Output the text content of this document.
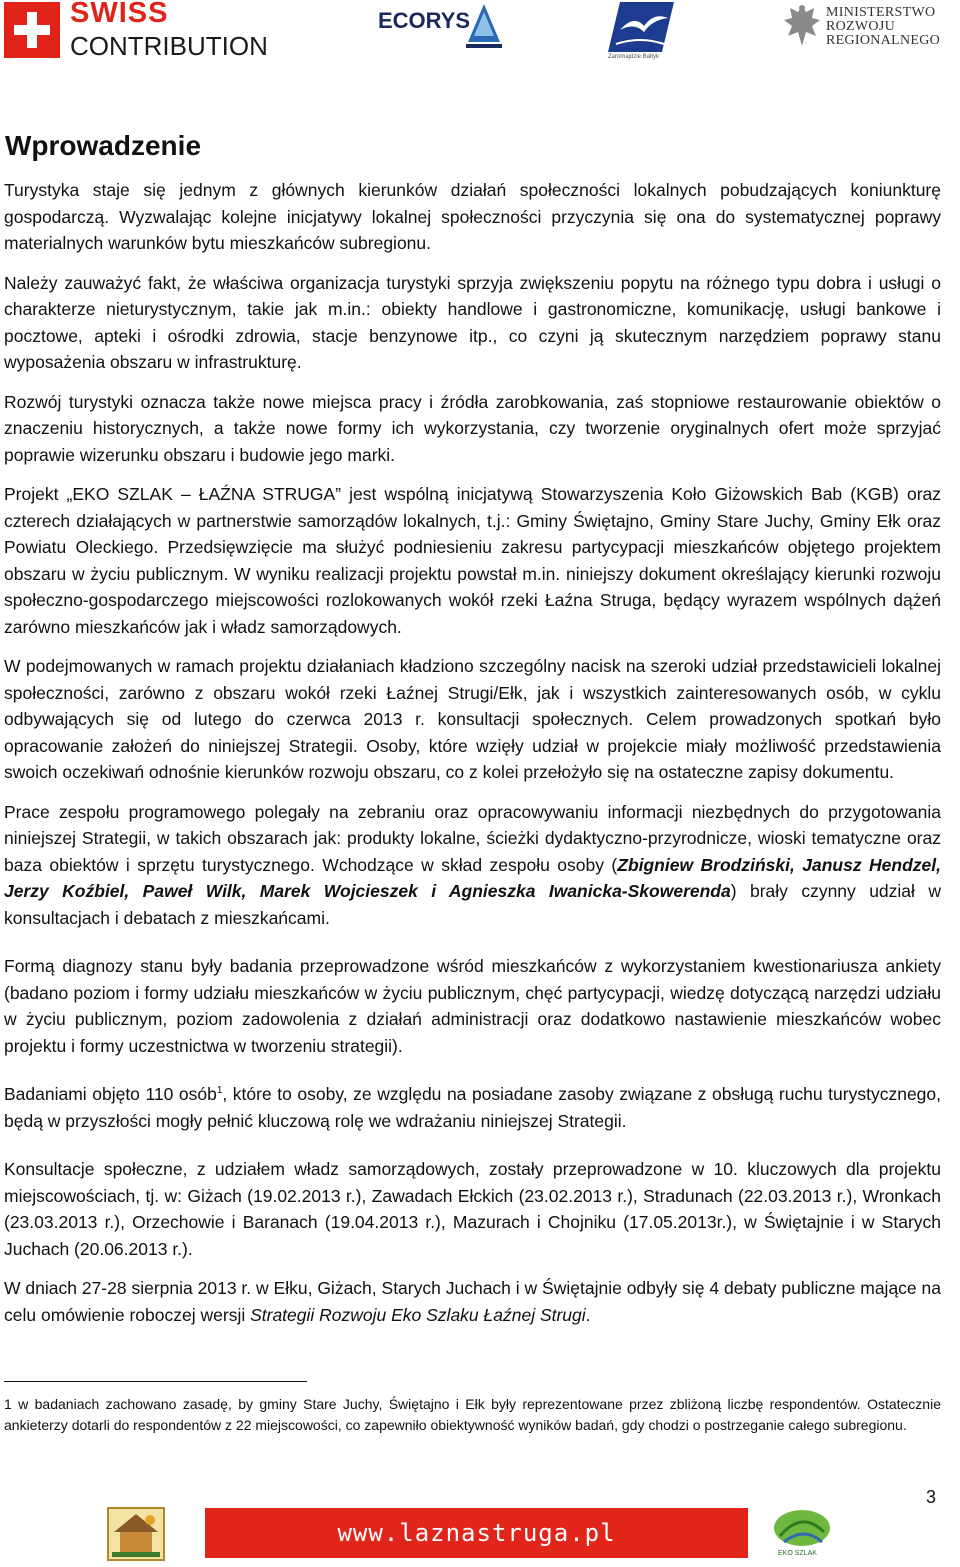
SWISS
CONTRIBUTION
ECORYS
Zaromajdzie Bałtyk
MINISTERSTWO
ROZWOJU
REGIONALNEGO
Wprowadzenie

Turystyka staje się jednym z głównych kierunków działań społeczności lokalnych pobudzających koniunkturę gospodarczą. Wyzwalając kolejne inicjatywy lokalnej społeczności przyczynia się ona do systematycznej poprawy materialnych warunków bytu mieszkańców subregionu.

Należy zauważyć fakt, że właściwa organizacja turystyki sprzyja zwiększeniu popytu na różnego typu dobra i usługi o charakterze nieturystycznym, takie jak m.in.: obiekty handlowe i gastronomiczne, komunikację, usługi bankowe i pocztowe, apteki i ośrodki zdrowia, stacje benzynowe itp., co czyni ją skutecznym narzędziem poprawy stanu wyposażenia obszaru w infrastrukturę.

Rozwój turystyki oznacza także nowe miejsca pracy i źródła zarobkowania, zaś stopniowe restaurowanie obiektów o znaczeniu historycznych, a także nowe formy ich wykorzystania, czy tworzenie oryginalnych ofert może sprzyjać poprawie wizerunku obszaru i budowie jego marki.

Projekt „EKO SZLAK – ŁAŹNA STRUGA” jest wspólną inicjatywą Stowarzyszenia Koło Giżowskich Bab (KGB) oraz czterech działających w partnerstwie samorządów lokalnych, t.j.: Gminy Świętajno, Gminy Stare Juchy, Gminy Ełk oraz Powiatu Oleckiego. Przedsięwzięcie ma służyć podniesieniu zakresu partycypacji mieszkańców objętego projektem obszaru w życiu publicznym. W wyniku realizacji projektu powstał m.in. niniejszy dokument określający kierunki rozwoju społeczno-gospodarczego miejscowości rozlokowanych wokół rzeki Łaźna Struga, będący wyrazem wspólnych dążeń zarówno mieszkańców jak i władz samorządowych.

W podejmowanych w ramach projektu działaniach kładziono szczególny nacisk na szeroki udział przedstawicieli lokalnej społeczności, zarówno z obszaru wokół rzeki Łaźnej Strugi/Ełk, jak i wszystkich zainteresowanych osób, w cyklu odbywających się od lutego do czerwca 2013 r. konsultacji społecznych. Celem prowadzonych spotkań było opracowanie założeń do niniejszej Strategii. Osoby, które wzięły udział w projekcie miały możliwość przedstawienia swoich oczekiwań odnośnie kierunków rozwoju obszaru, co z kolei przełożyło się na ostateczne zapisy dokumentu.

Prace zespołu programowego polegały na zebraniu oraz opracowywaniu informacji niezbędnych do przygotowania niniejszej Strategii, w takich obszarach jak: produkty lokalne, ścieżki dydaktyczno-przyrodnicze, wioski tematyczne oraz baza obiektów i sprzętu turystycznego. Wchodzące w skład zespołu osoby (Zbigniew Brodziński, Janusz Hendzel, Jerzy Koźbiel, Paweł Wilk, Marek Wojcieszek i Agnieszka Iwanicka-Skowerenda) brały czynny udział w konsultacjach i debatach z mieszkańcami.

Formą diagnozy stanu były badania przeprowadzone wśród mieszkańców z wykorzystaniem kwestionariusza ankiety (badano poziom i formy udziału mieszkańców w życiu publicznym, chęć partycypacji, wiedzę dotyczącą narzędzi udziału w życiu publicznym, poziom zadowolenia z działań administracji oraz dodatkowo nastawienie mieszkańców wobec projektu i formy uczestnictwa w tworzeniu strategii).

Badaniami objęto 110 osób$^1$, które to osoby, ze względu na posiadane zasoby związane z obsługą ruchu turystycznego, będą w przyszłości mogły pełnić kluczową rolę we wdrażaniu niniejszej Strategii.

Konsultacje społeczne, z udziałem władz samorządowych, zostały przeprowadzone w 10. kluczowych dla projektu miejscowościach, tj. w: Giżach (19.02.2013 r.), Zawadach Ełckich (23.02.2013 r.), Stradunach (22.03.2013 r.), Wronkach (23.03.2013 r.), Orzechowie i Baranach (19.04.2013 r.), Mazurach i Chojniku (17.05.2013r.), w Świętajnie i w Starych Juchach (20.06.2013 r.).

W dniach 27-28 sierpnia 2013 r. w Ełku, Giżach, Starych Juchach i w Świętajnie odbyły się 4 debaty publiczne mające na celu omówienie roboczej wersji Strategii Rozwoju Eko Szlaku Łaźnej Strugi.

1 w badaniach zachowano zasadę, by gminy Stare Juchy, Świętajno i Ełk były reprezentowane przez zbliżoną liczbę respondentów. Ostatecznie ankieterzy dotarli do respondentów z 22 miejscowości, co zapewniło obiektywność wyników badań, gdy chodzi o postrzeganie całego subregionu.

3
www.laznastruga.pl
EKO SZLAK
